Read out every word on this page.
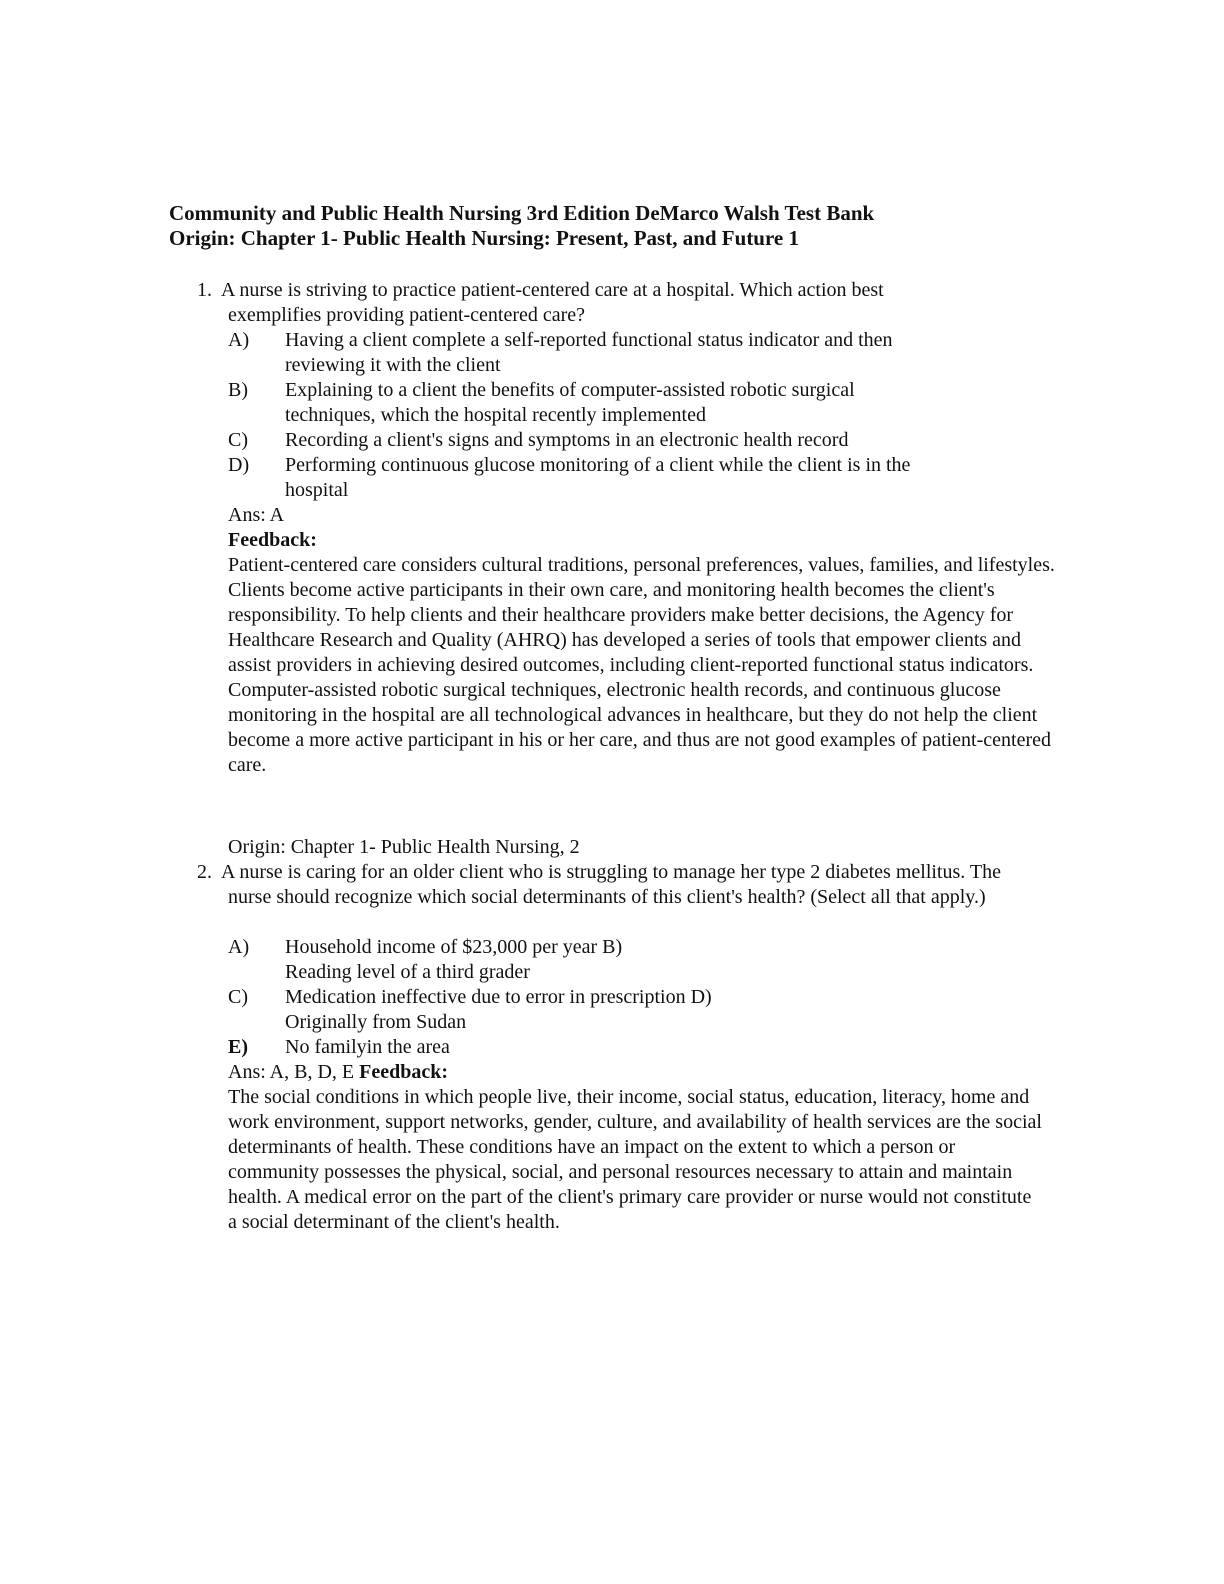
Community and Public Health Nursing 3rd Edition DeMarco Walsh Test Bank
Origin: Chapter 1- Public Health Nursing: Present, Past, and Future 1
1. A nurse is striving to practice patient-centered care at a hospital. Which action best exemplifies providing patient-centered care?
A)	Having a client complete a self-reported functional status indicator and then reviewing it with the client
B)	Explaining to a client the benefits of computer-assisted robotic surgical techniques, which the hospital recently implemented
C)	Recording a client's signs and symptoms in an electronic health record
D)	Performing continuous glucose monitoring of a client while the client is in the hospital
Ans: A
Feedback:
Patient-centered care considers cultural traditions, personal preferences, values, families, and lifestyles. Clients become active participants in their own care, and monitoring health becomes the client's responsibility. To help clients and their healthcare providers make better decisions, the Agency for Healthcare Research and Quality (AHRQ) has developed a series of tools that empower clients and assist providers in achieving desired outcomes, including client-reported functional status indicators. Computer-assisted robotic surgical techniques, electronic health records, and continuous glucose monitoring in the hospital are all technological advances in healthcare, but they do not help the client become a more active participant in his or her care, and thus are not good examples of patient-centered care.
Origin: Chapter 1- Public Health Nursing, 2
2. A nurse is caring for an older client who is struggling to manage her type 2 diabetes mellitus. The nurse should recognize which social determinants of this client's health? (Select all that apply.)
A)	Household income of $23,000 per year B) Reading level of a third grader
C)	Medication ineffective due to error in prescription D) Originally from Sudan
E)	No familyin the area
Ans: A, B, D, E Feedback:
The social conditions in which people live, their income, social status, education, literacy, home and work environment, support networks, gender, culture, and availability of health services are the social determinants of health. These conditions have an impact on the extent to which a person or community possesses the physical, social, and personal resources necessary to attain and maintain health. A medical error on the part of the client's primary care provider or nurse would not constitute a social determinant of the client's health.
